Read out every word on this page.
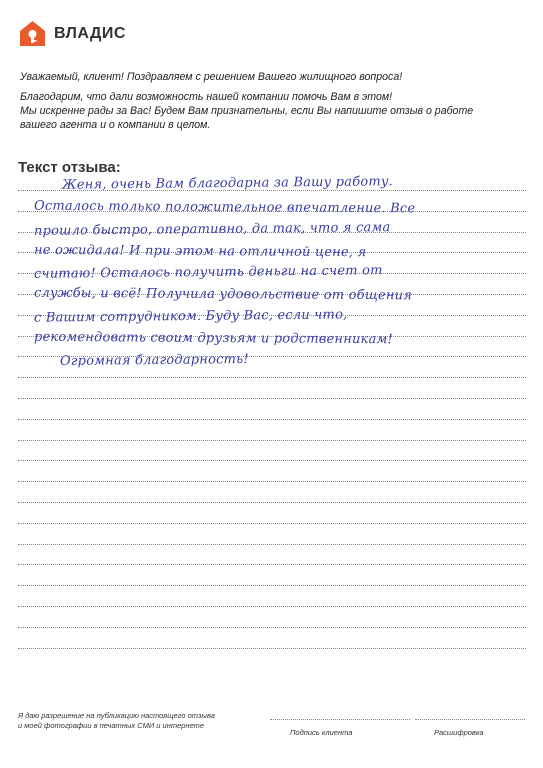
ВЛАДИС

Уважаемый, клиент! Поздравляем с решением Вашего жилищного вопроса!

Благодарим, что дали возможность нашей компании помочь Вам в этом!

Мы искренне рады за Вас! Будем Вам признательны, если Вы напишите отзыв о работе

вашего агента и о компании в целом.

Текст отзыва:
Женя, очень Вам благодарна за Вашу работу.
Осталось только положительное впечатление. Все
прошло быстро, оперативно, да так, что я сама
не ожидала! И при этом на отличной цене, я
считаю! Осталось получить деньги на счет от
службы, и всё! Получила удовольствие от общения
с Вашим сотрудником. Буду Вас, если что,
рекомендовать своим друзьям и родственникам!
Огромная благодарность!

Я даю разрешение на публикацию настоящего отзыва

и моей фотографии в печатных СМИ и интернете

Подпись клиента	Расшифровка
